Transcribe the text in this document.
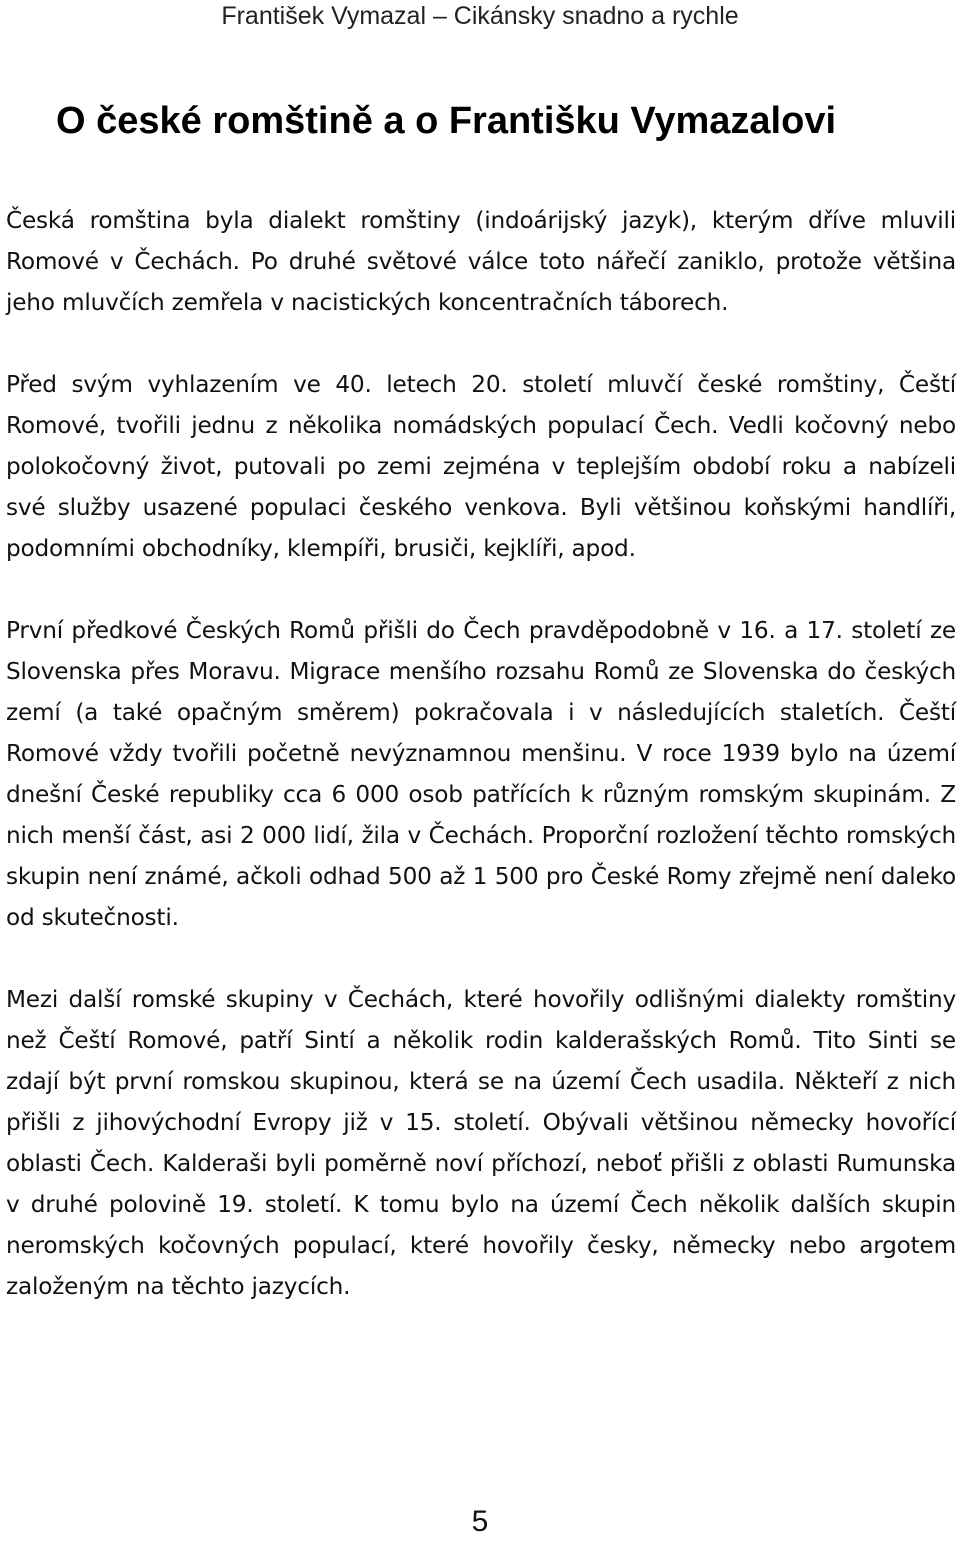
František Vymazal – Cikánsky snadno a rychle
O české romštině a o Františku Vymazalovi

Česká romština byla dialekt romštiny (indoárijský jazyk), kterým dříve mluvili Romové v Čechách. Po druhé světové válce toto nářečí zaniklo, protože většina jeho mluvčích zemřela v nacistických koncentračních táborech.

Před svým vyhlazením ve 40. letech 20. století mluvčí české romštiny, Čeští Romové, tvořili jednu z několika nomádských populací Čech. Vedli kočovný nebo polokočovný život, putovali po zemi zejména v teplejším období roku a nabízeli své služby usazené populaci českého venkova. Byli většinou koňskými handlíři, podomními obchodníky, klempíři, brusiči, kejklíři, apod.

První předkové Českých Romů přišli do Čech pravděpodobně v 16. a 17. století ze Slovenska přes Moravu. Migrace menšího rozsahu Romů ze Slovenska do českých zemí (a také opačným směrem) pokračovala i v následujících staletích. Čeští Romové vždy tvořili početně nevýznamnou menšinu. V roce 1939 bylo na území dnešní České republiky cca 6 000 osob patřících k různým romským skupinám. Z nich menší část, asi 2 000 lidí, žila v Čechách. Proporční rozložení těchto romských skupin není známé, ačkoli odhad 500 až 1 500 pro České Romy zřejmě není daleko od skutečnosti.

Mezi další romské skupiny v Čechách, které hovořily odlišnými dialekty romštiny než Čeští Romové, patří Sintí a několik rodin kalderašských Romů. Tito Sinti se zdají být první romskou skupinou, která se na území Čech usadila. Někteří z nich přišli z jihovýchodní Evropy již v 15. století. Obývali většinou německy hovořící oblasti Čech. Kalderaši byli poměrně noví příchozí, neboť přišli z oblasti Rumunska v druhé polovině 19. století. K tomu bylo na území Čech několik dalších skupin neromských kočovných populací, které hovořily česky, německy nebo argotem založeným na těchto jazycích.

5
